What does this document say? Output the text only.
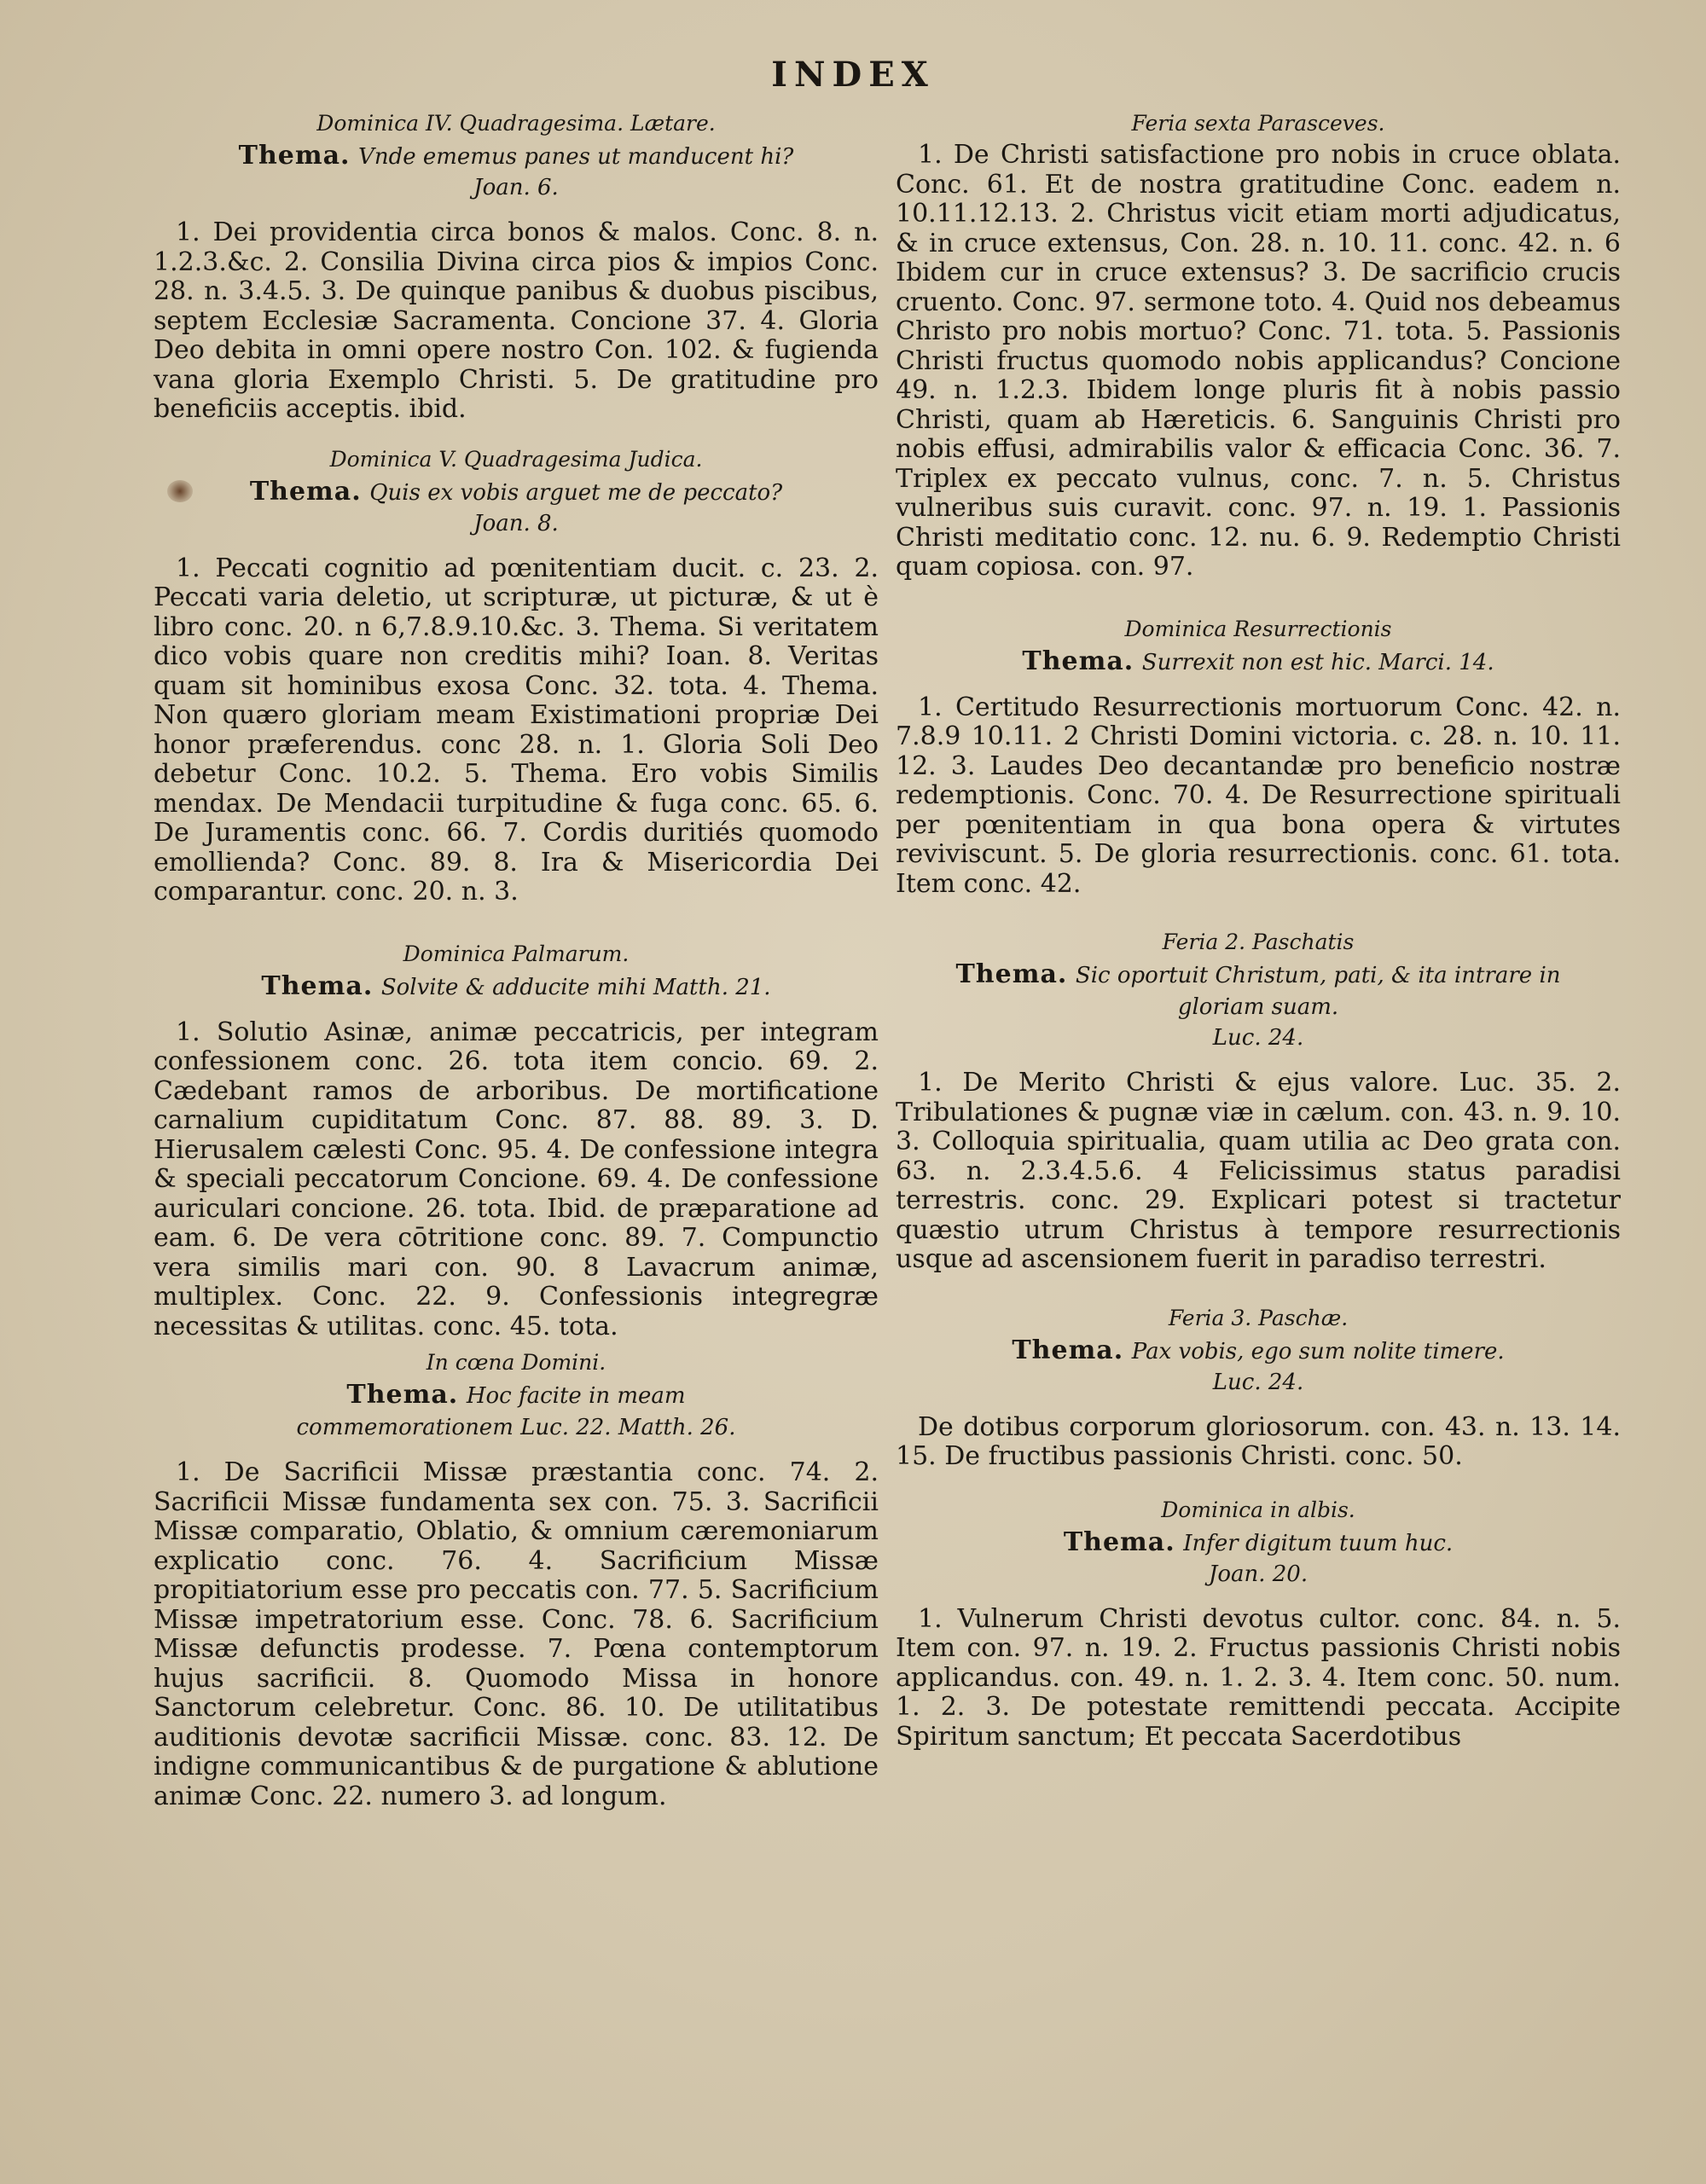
INDEX
Dominica IV. Quadragesima. Lætare.
Thema. Vnde ememus panes ut manducent hi?
Joan. 6.

1. Dei providentia circa bonos & malos. Conc. 8. n. 1.2.3.&c. 2. Consilia Divina circa pios & impios Conc. 28. n. 3.4.5. 3. De quinque panibus & duobus piscibus, septem Ecclesiæ Sacramenta. Concione 37. 4. Gloria Deo debita in omni opere nostro Con. 102. & fugienda vana gloria Exemplo Christi. 5. De gratitudine pro beneficiis acceptis. ibid.

Dominica V. Quadragesima Judica.
Thema. Quis ex vobis arguet me de peccato?
Joan. 8.

1. Peccati cognitio ad pœnitentiam ducit. c. 23. 2. Peccati varia deletio, ut scripturæ, ut picturæ, & ut è libro conc. 20. n 6,7.8.9.10.&c. 3. Thema. Si veritatem dico vobis quare non creditis mihi? Ioan. 8. Veritas quam sit hominibus exosa Conc. 32. tota. 4. Thema. Non quæro gloriam meam Existimationi propriæ Dei honor præferendus. conc 28. n. 1. Gloria Soli Deo debetur Conc. 10.2. 5. Thema. Ero vobis Similis mendax. De Mendacii turpitudine & fuga conc. 65. 6. De Juramentis conc. 66. 7. Cordis duritiés quomodo emollienda? Conc. 89. 8. Ira & Misericordia Dei comparantur. conc. 20. n. 3.

Dominica Palmarum.
Thema. Solvite & adducite mihi Matth. 21.

1. Solutio Asinæ, animæ peccatricis, per integram confessionem conc. 26. tota item concio. 69. 2. Cædebant ramos de arboribus. De mortificatione carnalium cupiditatum Conc. 87. 88. 89. 3. D. Hierusalem cælesti Conc. 95. 4. De confessione integra & speciali peccatorum Concione. 69. 4. De confessione auriculari concione. 26. tota. Ibid. de præparatione ad eam. 6. De vera cōtritione conc. 89. 7. Compunctio vera similis mari con. 90. 8 Lavacrum animæ, multiplex. Conc. 22. 9. Confessionis integregræ necessitas & utilitas. conc. 45. tota.

In cœna Domini.
Thema. Hoc facite in meam commemorationem Luc. 22. Matth. 26.

1. De Sacrificii Missæ præstantia conc. 74. 2. Sacrificii Missæ fundamenta sex con. 75. 3. Sacrificii Missæ comparatio, Oblatio, & omnium cæremoniarum explicatio conc. 76. 4. Sacrificium Missæ propitiatorium esse pro peccatis con. 77. 5. Sacrificium Missæ impetratorium esse. Conc. 78. 6. Sacrificium Missæ defunctis prodesse. 7. Pœna contemptorum hujus sacrificii. 8. Quomodo Missa in honore Sanctorum celebretur. Conc. 86. 10. De utilitatibus auditionis devotæ sacrificii Missæ. conc. 83. 12. De indigne communicantibus & de purgatione & ablutione animæ Conc. 22. numero 3. ad longum.

Feria sexta Parasceves.

1. De Christi satisfactione pro nobis in cruce oblata. Conc. 61. Et de nostra gratitudine Conc. eadem n. 10.11.12.13. 2. Christus vicit etiam morti adjudicatus, & in cruce extensus, Con. 28. n. 10. 11. conc. 42. n. 6 Ibidem cur in cruce extensus? 3. De sacrificio crucis cruento. Conc. 97. sermone toto. 4. Quid nos debeamus Christo pro nobis mortuo? Conc. 71. tota. 5. Passionis Christi fructus quomodo nobis applicandus? Concione 49. n. 1.2.3. Ibidem longe pluris fit à nobis passio Christi, quam ab Hæreticis. 6. Sanguinis Christi pro nobis effusi, admirabilis valor & efficacia Conc. 36. 7. Triplex ex peccato vulnus, conc. 7. n. 5. Christus vulneribus suis curavit. conc. 97. n. 19. 1. Passionis Christi meditatio conc. 12. nu. 6. 9. Redemptio Christi quam copiosa. con. 97.

Dominica Resurrectionis
Thema. Surrexit non est hic. Marci. 14.

1. Certitudo Resurrectionis mortuorum Conc. 42. n. 7.8.9 10.11. 2 Christi Domini victoria. c. 28. n. 10. 11. 12. 3. Laudes Deo decantandæ pro beneficio nostræ redemptionis. Conc. 70. 4. De Resurrectione spirituali per pœnitentiam in qua bona opera & virtutes reviviscunt. 5. De gloria resurrectionis. conc. 61. tota. Item conc. 42.

Feria 2. Paschatis
Thema. Sic oportuit Christum, pati, & ita intrare in gloriam suam.
Luc. 24.

1. De Merito Christi & ejus valore. Luc. 35. 2. Tribulationes & pugnæ viæ in cælum. con. 43. n. 9. 10. 3. Colloquia spiritualia, quam utilia ac Deo grata con. 63. n. 2.3.4.5.6. 4 Felicissimus status paradisi terrestris. conc. 29. Explicari potest si tractetur quæstio utrum Christus à tempore resurrectionis usque ad ascensionem fuerit in paradiso terrestri.

Feria 3. Paschæ.
Thema. Pax vobis, ego sum nolite timere.
Luc. 24.

De dotibus corporum gloriosorum. con. 43. n. 13. 14. 15. De fructibus passionis Christi. conc. 50.

Dominica in albis.
Thema. Infer digitum tuum huc.
Joan. 20.

1. Vulnerum Christi devotus cultor. conc. 84. n. 5. Item con. 97. n. 19. 2. Fructus passionis Christi nobis applicandus. con. 49. n. 1. 2. 3. 4. Item conc. 50. num. 1. 2. 3. De potestate remittendi peccata. Accipite Spiritum sanctum; Et peccata Sacerdotibus
